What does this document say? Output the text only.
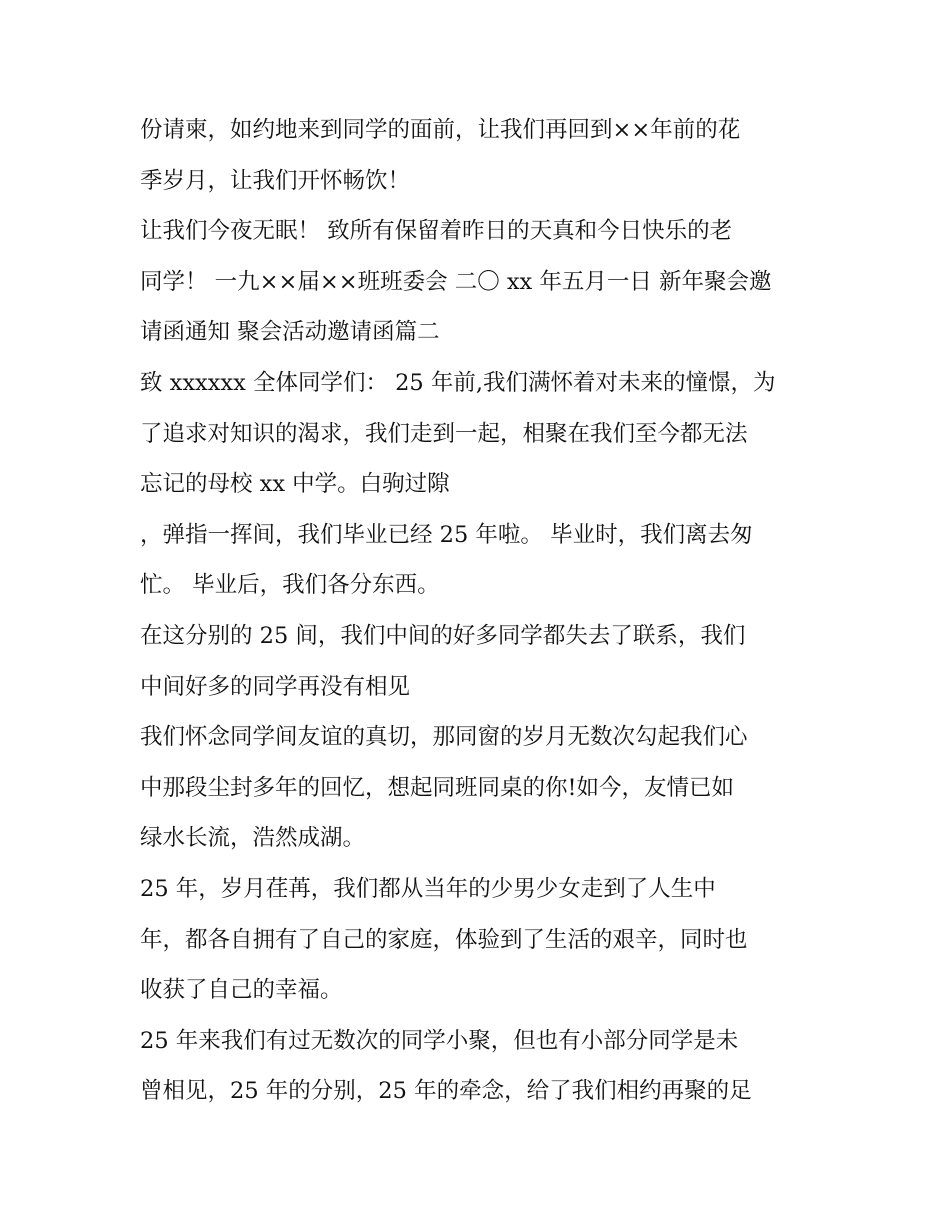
份请柬，如约地来到同学的面前，让我们再回到××年前的花
季岁月，让我们开怀畅饮！
让我们今夜无眠！ 致所有保留着昨日的天真和今日快乐的老
同学！ 一九××届××班班委会 二〇 xx 年五月一日 新年聚会邀
请函通知 聚会活动邀请函篇二
致 xxxxxx 全体同学们： 25 年前,我们满怀着对未来的憧憬，为
了追求对知识的渴求，我们走到一起，相聚在我们至今都无法
忘记的母校 xx 中学。白驹过隙
，弹指一挥间，我们毕业已经 25 年啦。 毕业时，我们离去匆
忙。 毕业后，我们各分东西。
在这分别的 25 间，我们中间的好多同学都失去了联系，我们
中间好多的同学再没有相见
我们怀念同学间友谊的真切，那同窗的岁月无数次勾起我们心
中那段尘封多年的回忆，想起同班同桌的你!如今，友情已如
绿水长流，浩然成湖。
25 年，岁月荏苒，我们都从当年的少男少女走到了人生中
年，都各自拥有了自己的家庭，体验到了生活的艰辛，同时也
收获了自己的幸福。
25 年来我们有过无数次的同学小聚，但也有小部分同学是未
曾相见，25 年的分别，25 年的牵念，给了我们相约再聚的足
